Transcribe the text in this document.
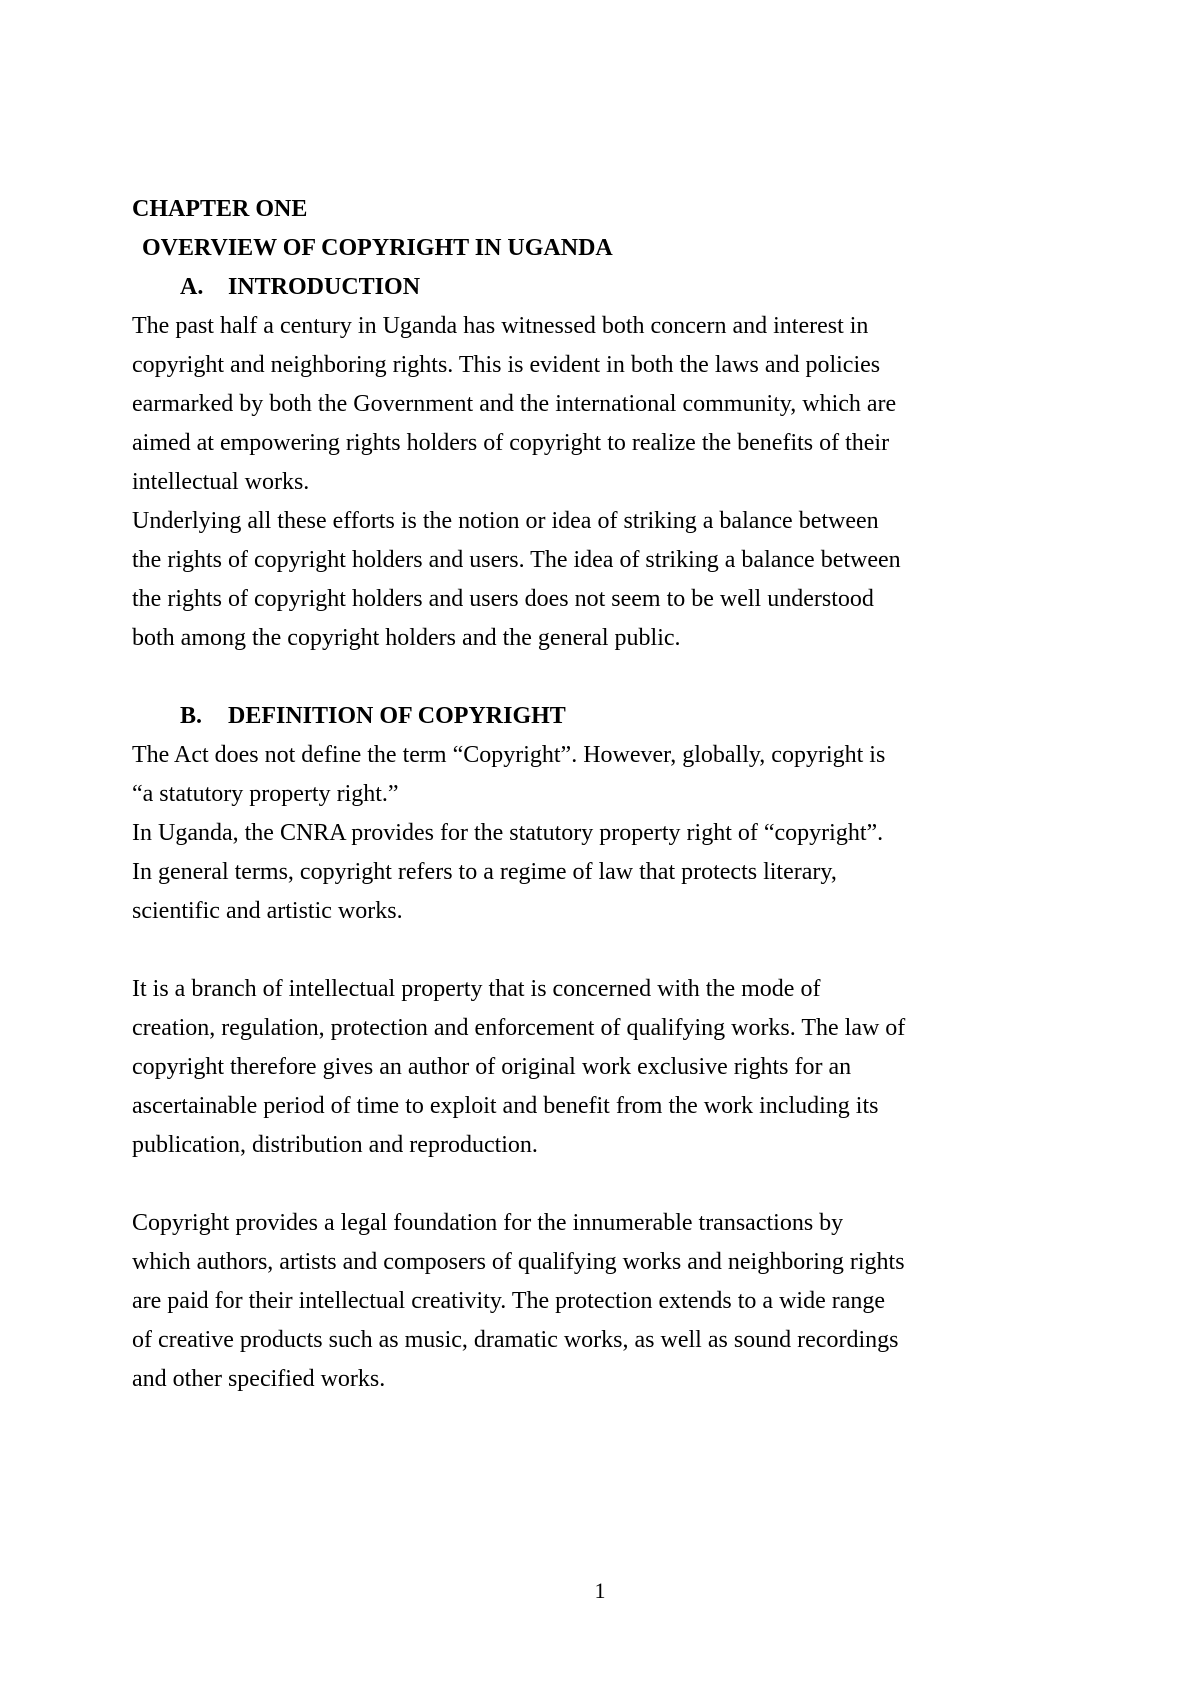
CHAPTER ONE
OVERVIEW OF COPYRIGHT IN UGANDA
A. INTRODUCTION
The past half a century in Uganda has witnessed both concern and interest in
copyright and neighboring rights. This is evident in both the laws and policies
earmarked by both the Government and the international community, which are
aimed at empowering rights holders of copyright to realize the benefits of their
intellectual works.
Underlying all these efforts is the notion or idea of striking a balance between
the rights of copyright holders and users. The idea of striking a balance between
the rights of copyright holders and users does not seem to be well understood
both among the copyright holders and the general public.
B. DEFINITION OF COPYRIGHT
The Act does not define the term “Copyright”. However, globally, copyright is
“a statutory property right.”
In Uganda, the CNRA provides for the statutory property right of “copyright”.
In general terms, copyright refers to a regime of law that protects literary,
scientific and artistic works.
It is a branch of intellectual property that is concerned with the mode of
creation, regulation, protection and enforcement of qualifying works. The law of
copyright therefore gives an author of original work exclusive rights for an
ascertainable period of time to exploit and benefit from the work including its
publication, distribution and reproduction.
Copyright provides a legal foundation for the innumerable transactions by
which authors, artists and composers of qualifying works and neighboring rights
are paid for their intellectual creativity. The protection extends to a wide range
of creative products such as music, dramatic works, as well as sound recordings
and other specified works.
1
